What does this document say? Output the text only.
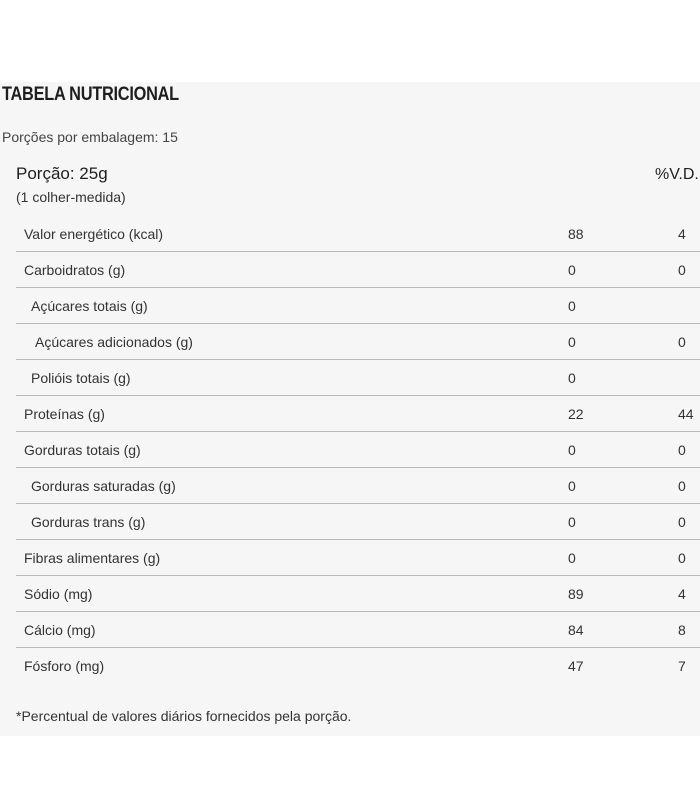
TABELA NUTRICIONAL
Porções por embalagem: 15
Porção: 25g
(1 colher-medida)
%V.D.
Valor energético (kcal)	88	4
Carboidratos (g)	0	0
Açúcares totais (g)	0
Açúcares adicionados (g)	0	0
Polióis totais (g)	0
Proteínas (g)	22	44
Gorduras totais (g)	0	0
Gorduras saturadas (g)	0	0
Gorduras trans (g)	0	0
Fibras alimentares (g)	0	0
Sódio (mg)	89	4
Cálcio (mg)	84	8
Fósforo (mg)	47	7
*Percentual de valores diários fornecidos pela porção.
